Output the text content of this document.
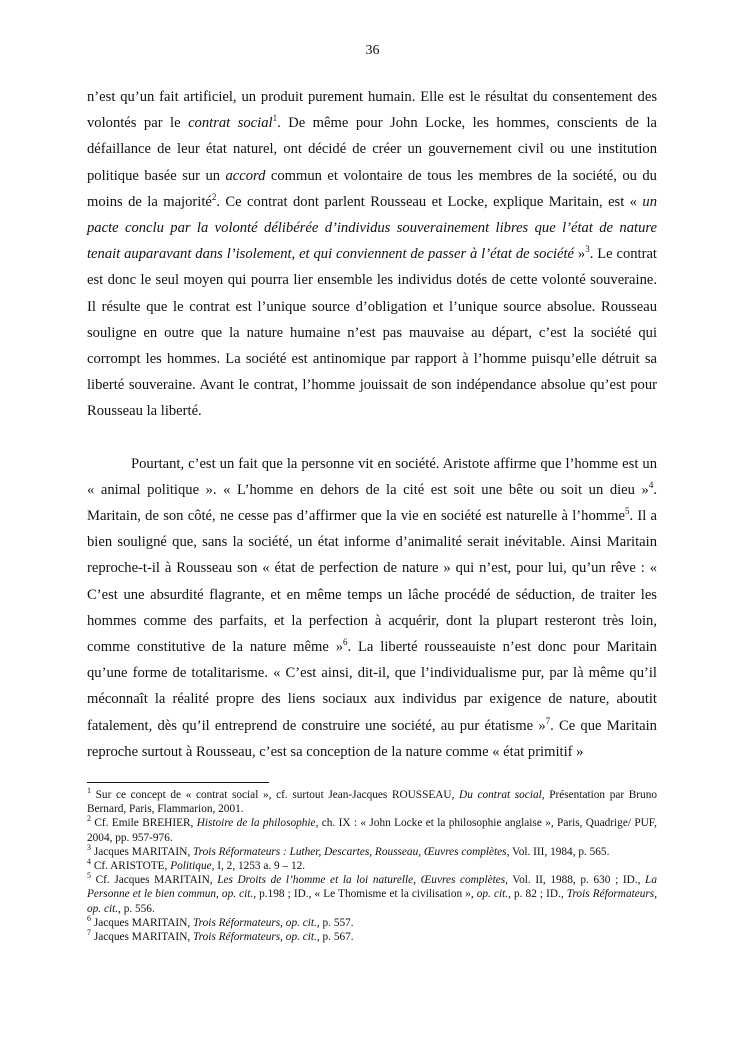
36

n’est qu’un fait artificiel, un produit purement humain. Elle est le résultat du consentement des volontés par le contrat social$^1$. De même pour John Locke, les hommes, conscients de la défaillance de leur état naturel, ont décidé de créer un gouvernement civil ou une institution politique basée sur un accord commun et volontaire de tous les membres de la société, ou du moins de la majorité$^2$. Ce contrat dont parlent Rousseau et Locke, explique Maritain, est « un pacte conclu par la volonté délibérée d’individus souverainement libres que l’état de nature tenait auparavant dans l’isolement, et qui conviennent de passer à l’état de société »$^3$. Le contrat est donc le seul moyen qui pourra lier ensemble les individus dotés de cette volonté souveraine. Il résulte que le contrat est l’unique source d’obligation et l’unique source absolue. Rousseau souligne en outre que la nature humaine n’est pas mauvaise au départ, c’est la société qui corrompt les hommes. La société est antinomique par rapport à l’homme puisqu’elle détruit sa liberté souveraine. Avant le contrat, l’homme jouissait de son indépendance absolue qu’est pour Rousseau la liberté.

Pourtant, c’est un fait que la personne vit en société. Aristote affirme que l’homme est un « animal politique ». « L’homme en dehors de la cité est soit une bête ou soit un dieu »$^4$. Maritain, de son côté, ne cesse pas d’affirmer que la vie en société est naturelle à l’homme$^5$. Il a bien souligné que, sans la société, un état informe d’animalité serait inévitable. Ainsi Maritain reproche-t-il à Rousseau son « état de perfection de nature » qui n’est, pour lui, qu’un rêve : « C’est une absurdité flagrante, et en même temps un lâche procédé de séduction, de traiter les hommes comme des parfaits, et la perfection à acquérir, dont la plupart resteront très loin, comme constitutive de la nature même »$^6$. La liberté rousseauiste n’est donc pour Maritain qu’une forme de totalitarisme. « C’est ainsi, dit-il, que l’individualisme pur, par là même qu’il méconnaît la réalité propre des liens sociaux aux individus par exigence de nature, aboutit fatalement, dès qu’il entreprend de construire une société, au pur étatisme »$^7$. Ce que Maritain reproche surtout à Rousseau, c’est sa conception de la nature comme « état primitif »

$^1$ Sur ce concept de « contrat social », cf. surtout Jean-Jacques ROUSSEAU, Du contrat social, Présentation par Bruno Bernard, Paris, Flammarion, 2001.

$^2$ Cf. Emile BREHIER, Histoire de la philosophie, ch. IX : « John Locke et la philosophie anglaise », Paris, Quadrige/ PUF, 2004, pp. 957-976.

$^3$ Jacques MARITAIN, Trois Réformateurs : Luther, Descartes, Rousseau, Œuvres complètes, Vol. III, 1984, p. 565.

$^4$ Cf. ARISTOTE, Politique, I, 2, 1253 a. 9 – 12.

$^5$ Cf. Jacques MARITAIN, Les Droits de l’homme et la loi naturelle, Œuvres complètes, Vol. II, 1988, p. 630 ; ID., La Personne et le bien commun, op. cit., p.198 ; ID., « Le Thomisme et la civilisation », op. cit., p. 82 ; ID., Trois Réformateurs, op. cit., p. 556.

$^6$ Jacques MARITAIN, Trois Réformateurs, op. cit., p. 557.

$^7$ Jacques MARITAIN, Trois Réformateurs, op. cit., p. 567.
